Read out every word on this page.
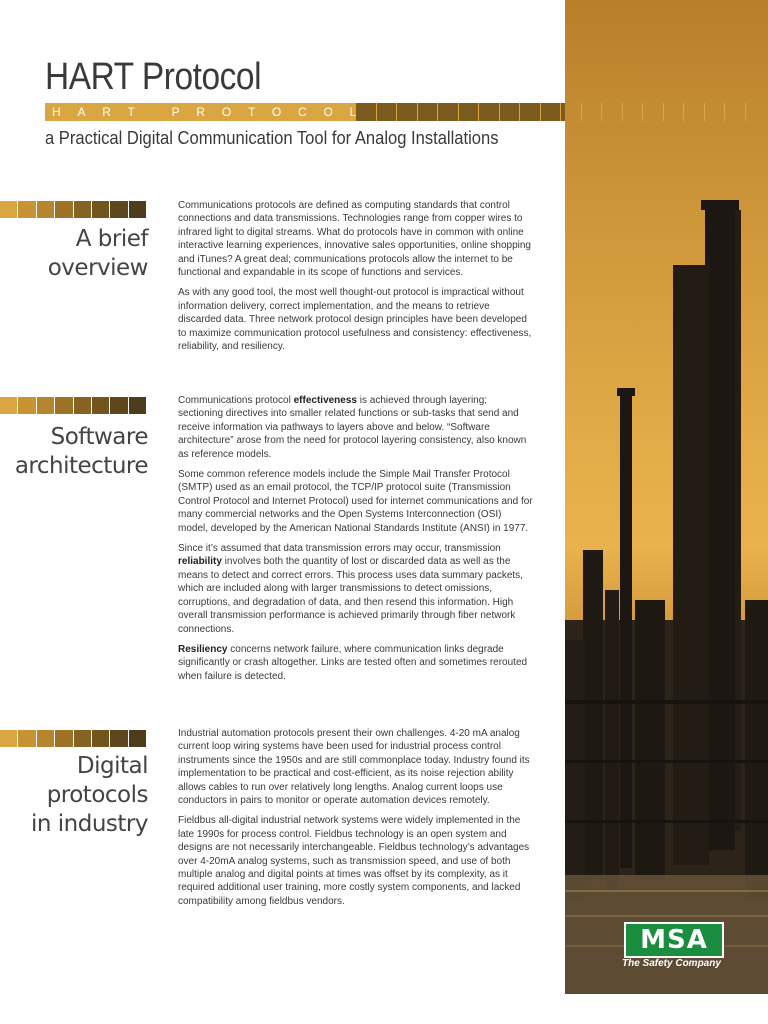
MSA
The Safety Company
HART Protocol
HART PROTOCOL
a Practical Digital Communication Tool for Analog Installations
A brief
overview

Communications protocols are defined as computing standards that control connections and data transmissions. Technologies range from copper wires to infrared light to digital streams. What do protocols have in common with online interactive learning experiences, innovative sales opportunities, online shopping and iTunes? A great deal; communications protocols allow the internet to be functional and expandable in its scope of functions and services.

As with any good tool, the most well thought-out protocol is impractical without information delivery, correct implementation, and the means to retrieve discarded data. Three network protocol design principles have been developed to maximize communication protocol usefulness and consistency: effectiveness, reliability, and resiliency.

Software
architecture

Communications protocol effectiveness is achieved through layering; sectioning directives into smaller related functions or sub-tasks that send and receive information via pathways to layers above and below. “Software architecture” arose from the need for protocol layering consistency, also known as reference models.

Some common reference models include the Simple Mail Transfer Protocol (SMTP) used as an email protocol, the TCP/IP protocol suite (Transmission Control Protocol and Internet Protocol) used for internet communications and for many commercial networks and the Open Systems Interconnection (OSI) model, developed by the American National Standards Institute (ANSI) in 1977.

Since it’s assumed that data transmission errors may occur, transmission reliability involves both the quantity of lost or discarded data as well as the means to detect and correct errors. This process uses data summary packets, which are included along with larger transmissions to detect omissions, corruptions, and degradation of data, and then resend this information. High overall transmission performance is achieved primarily through fiber network connections.

Resiliency concerns network failure, where communication links degrade significantly or crash altogether. Links are tested often and sometimes rerouted when failure is detected.

Digital
protocols
in industry

Industrial automation protocols present their own challenges. 4-20 mA analog current loop wiring systems have been used for industrial process control instruments since the 1950s and are still commonplace today. Industry found its implementation to be practical and cost-efficient, as its noise rejection ability allows cables to run over relatively long lengths. Analog current loops use conductors in pairs to monitor or operate automation devices remotely.

Fieldbus all-digital industrial network systems were widely implemented in the late 1990s for process control. Fieldbus technology is an open system and designs are not necessarily interchangeable. Fieldbus technology’s advantages over 4-20mA analog systems, such as transmission speed, and use of both multiple analog and digital points at times was offset by its complexity, as it required additional user training, more costly system components, and lacked compatibility among fieldbus vendors.
